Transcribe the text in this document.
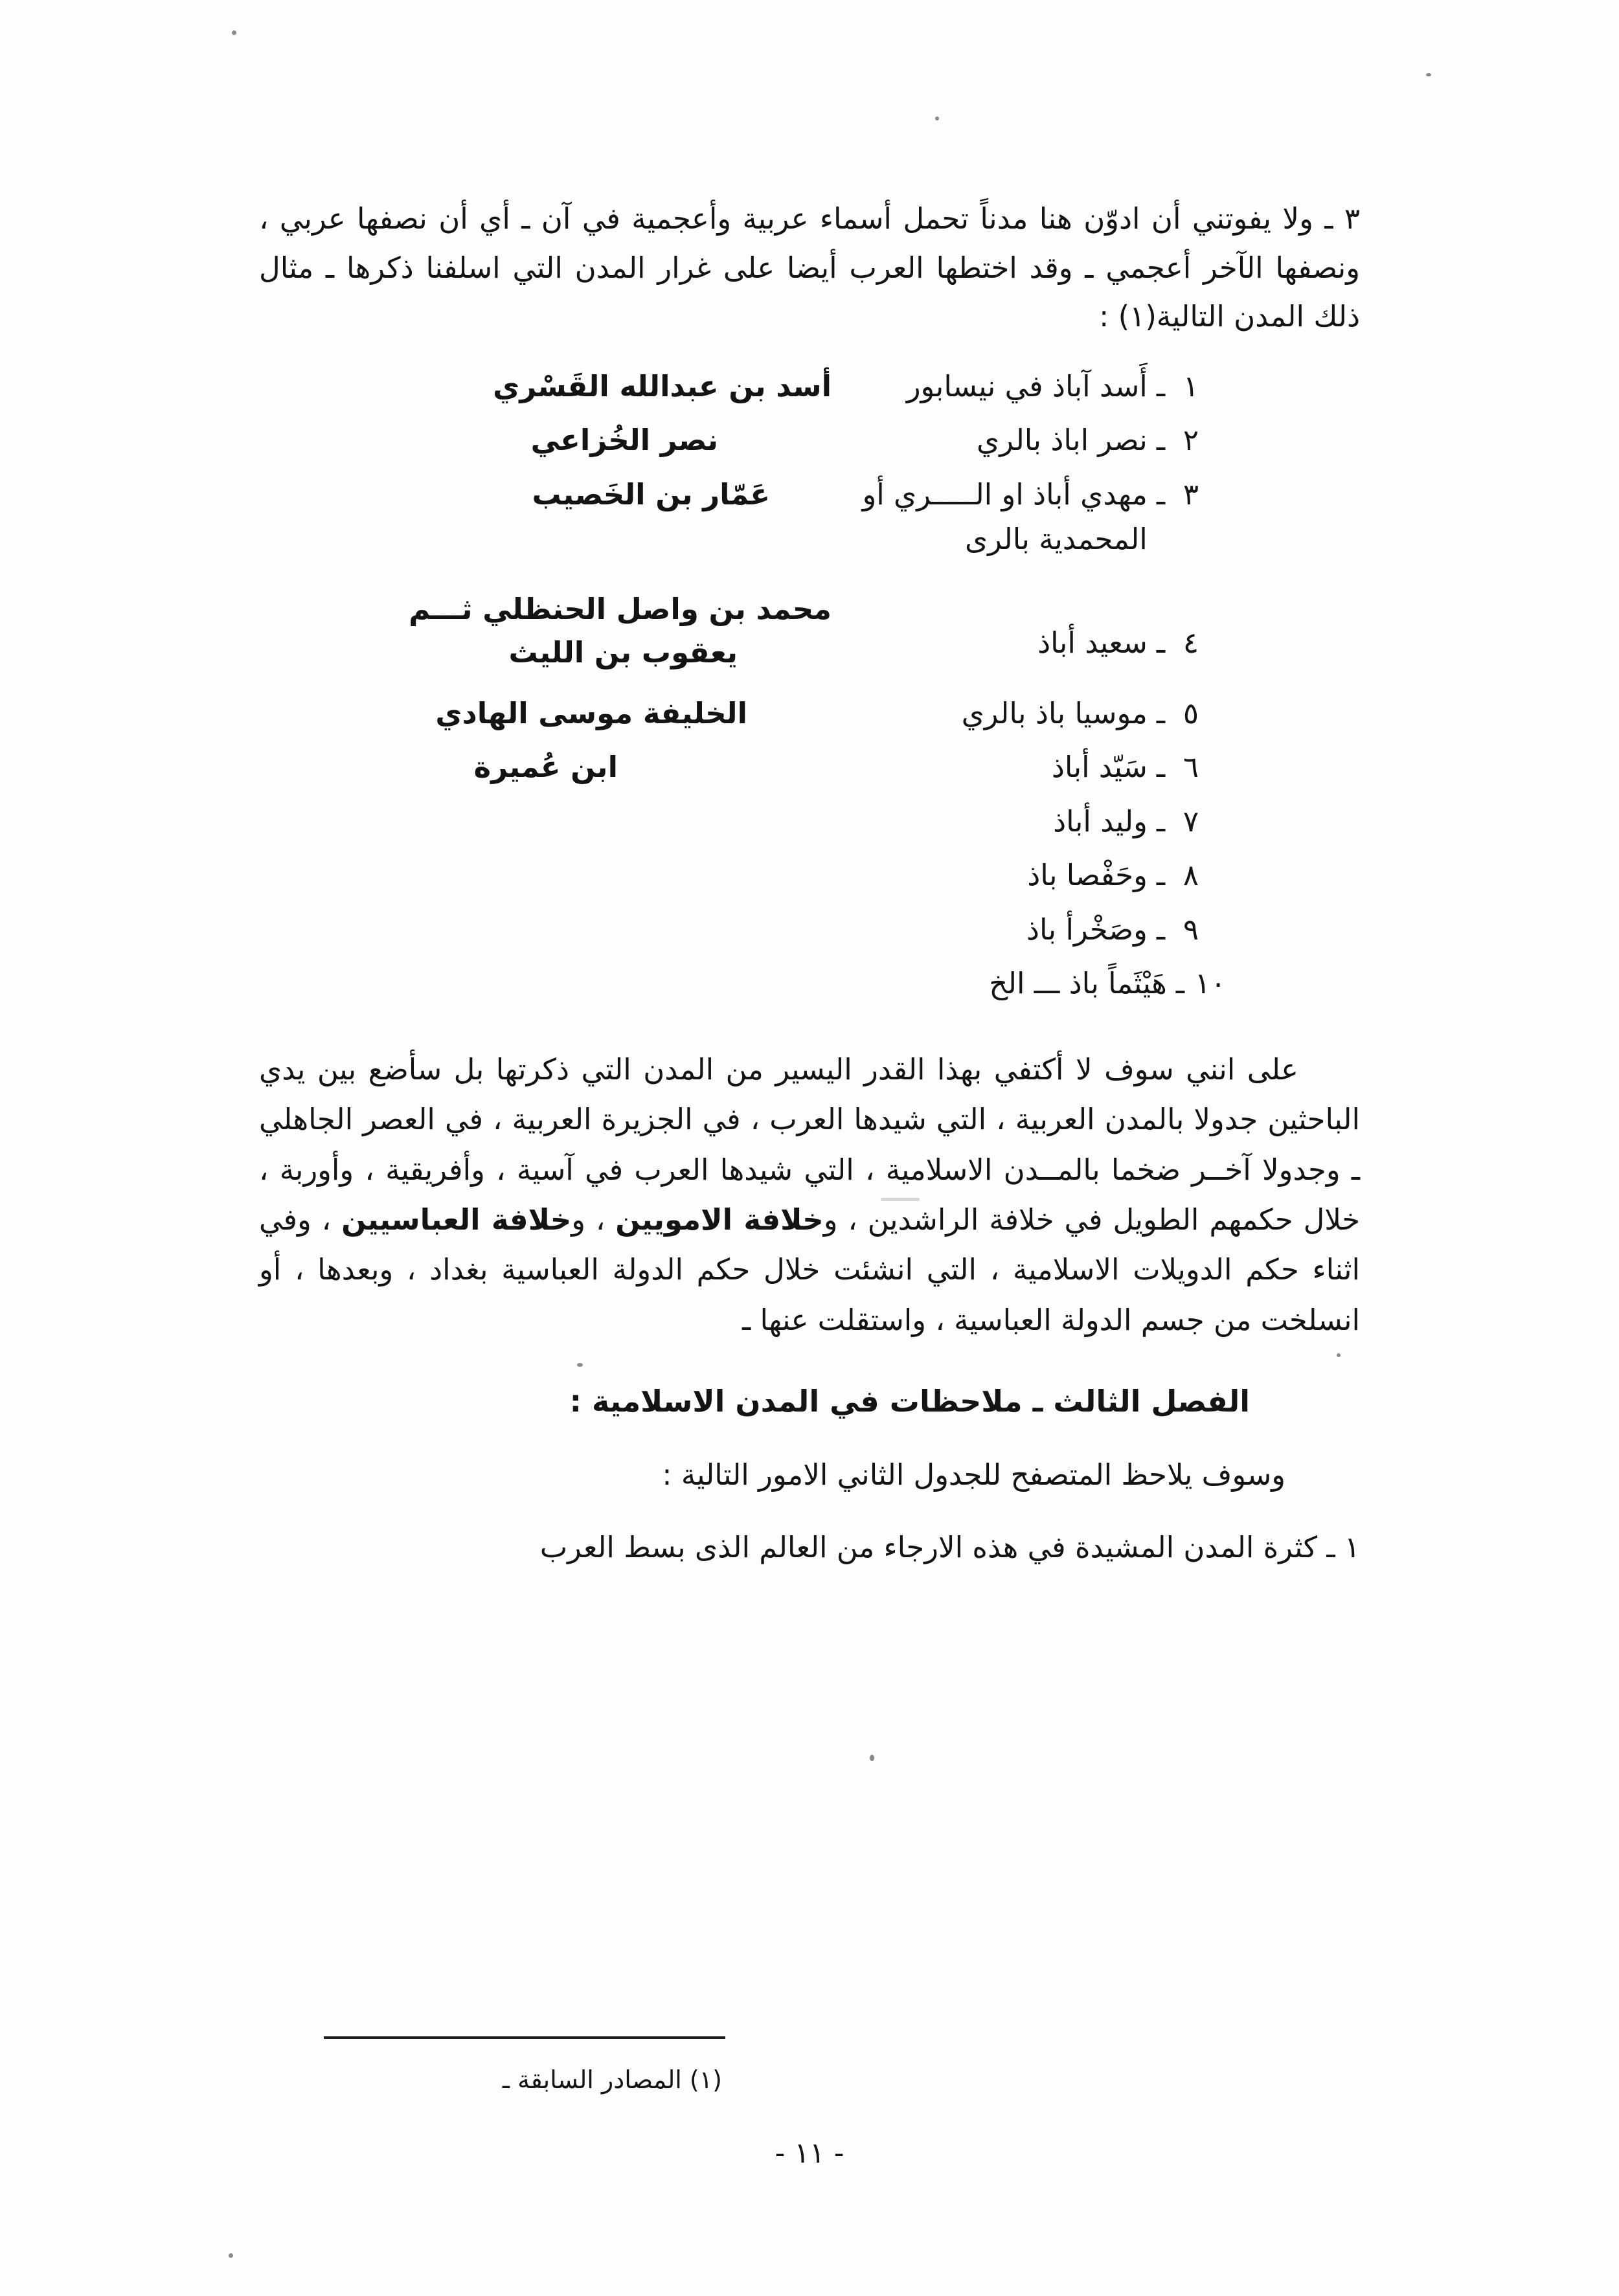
٣ ـ ولا يفوتني أن ادوّن هنا مدناً تحمل أسماء عربية وأعجمية في آن ـ أي أن نصفها عربي ، ونصفها الآخر أعجمي ـ وقد اختطها العرب أيضا على غرار المدن التي اسلفنا ذكرها ـ مثال ذلك المدن التالية(١) :
١
ـ
أَسد آباذ في نيسابور
أسد بن عبدالله القَسْري
٢
ـ
نصر اباذ بالري
نصر الخُزاعي
٣
ـ
مهدي أباذ او الـــــري أو
المحمدية بالرى
عَمّار بن الخَصيب
٤
ـ
سعيد أباذ
محمد بن واصل الحنظلي ثـــم
يعقوب بن الليث
٥
ـ
موسيا باذ بالري
الخليفة موسى الهادي
٦
ـ
سَيّد أباذ
ابن عُميرة
٧
ـ
وليد أباذ
٨
ـ
وحَفْصا باذ
٩
ـ
وصَخْرأ باذ
١٠
ـ
هَيْثَماً باذ ـــ الخ
على انني سوف لا أكتفي بهذا القدر اليسير من المدن التي ذكرتها بل سأضع بين يدي الباحثين جدولا بالمدن العربية ، التي شيدها العرب ، في الجزيرة العربية ، في العصر الجاهلي ـ وجدولا آخــر ضخما بالمــدن الاسلامية ، التي شيدها العرب في آسية ، وأفريقية ، وأوربة ، خلال حكمهم الطويل في خلافة الراشدين ، وخلافة الامويين ، وخلافة العباسيين ، وفي اثناء حكم الدويلات الاسلامية ، التي انشئت خلال حكم الدولة العباسية بغداد ، وبعدها ، أو انسلخت من جسم الدولة العباسية ، واستقلت عنها ـ
الفصل الثالث ـ ملاحظات في المدن الاسلامية :
وسوف يلاحظ المتصفح للجدول الثاني الامور التالية :
١ ـ كثرة المدن المشيدة في هذه الارجاء من العالم الذى بسط العرب
(١) المصادر السابقة ـ
- ١١ -
